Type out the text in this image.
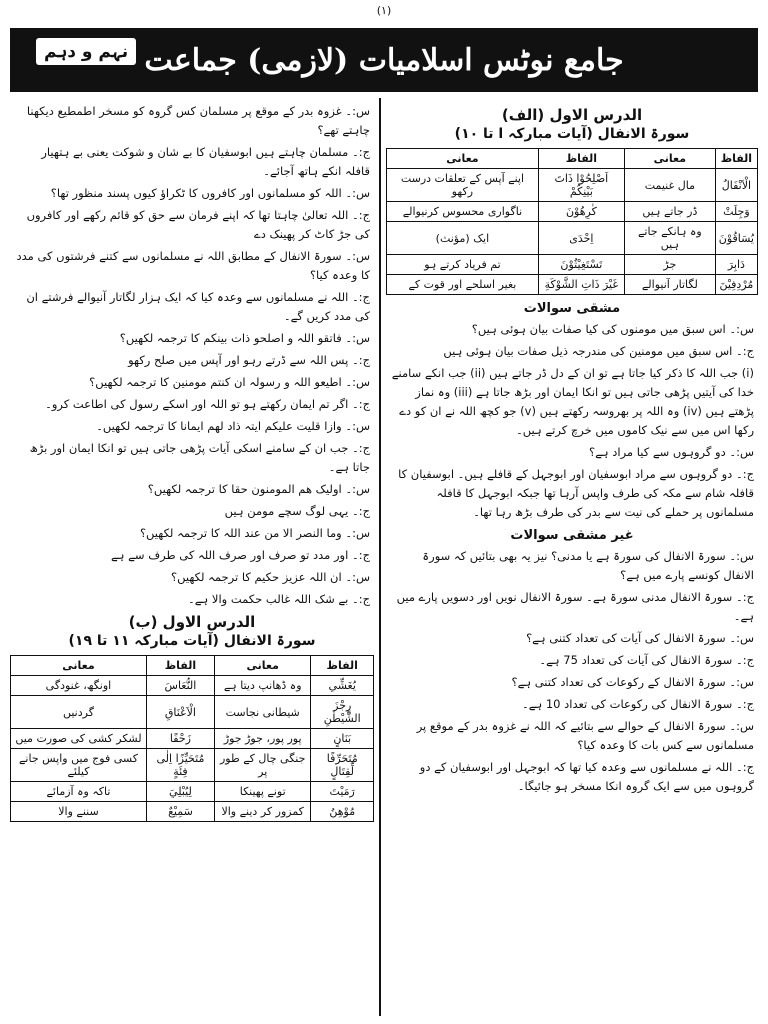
(۱)
جامع نوٹس اسلامیات (لازمی) جماعت
نہم و دہم
الدرس الاول (الف)
سورۃ الانفال (آیات مبارکہ ا تا ۱۰)
الفاظ	معانی	الفاظ	معانی
الْاَنْفَالُ	مال غنیمت	اَصْلِحُوْا ذَاتَ بَيْنِكُمْ	اپنے آپس کے تعلقات درست رکھو
وَجِلَتْ	ڈر جاتے ہیں	كٰرِهُوْنَ	ناگواری محسوس کرنیوالے
يُسَاقُوْنَ	وہ ہانکے جاتے ہیں	اِحْدَى	ایک (مؤنث)
دَابِرَ	جڑ	تَسْتَغِيْثُوْنَ	تم فریاد کرتے ہو
مُرْدِفِيْنَ	لگاتار آنیوالے	غَيْرَ ذَاتِ الشَّوْكَةِ	بغیر اسلحے اور قوت کے
مشقی سوالات

س:۔ اس سبق میں مومنوں کی کیا صفات بیان ہوئی ہیں؟

ج:۔ اس سبق میں مومنین کی مندرجہ ذیل صفات بیان ہوئی ہیں

(i) جب اللہ کا ذکر کیا جاتا ہے تو ان کے دل ڈر جاتے ہیں (ii) جب انکے سامنے خدا کی آیتیں پڑھی جاتی ہیں تو انکا ایمان اور بڑھ جاتا ہے (iii) وہ نماز پڑھتے ہیں (iv) وہ اللہ پر بھروسہ رکھتے ہیں (v) جو کچھ اللہ نے ان کو دے رکھا اس میں سے نیک کاموں میں خرچ کرتے ہیں۔

س:۔ دو گروہوں سے کیا مراد ہے؟

ج:۔ دو گروہوں سے مراد ابوسفیان اور ابوجہل کے قافلے ہیں۔ ابوسفیان کا قافلہ شام سے مکہ کی طرف واپس آرہا تھا جبکہ ابوجہل کا قافلہ مسلمانوں پر حملے کی نیت سے بدر کی طرف بڑھ رہا تھا۔

غیر مشقی سوالات

س:۔ سورۃ الانفال کی سورۃ ہے یا مدنی؟ نیز یہ بھی بتائیں کہ سورۃ الانفال کونسے پارے میں ہے؟

ج:۔ سورۃ الانفال مدنی سورۃ ہے۔ سورۃ الانفال نویں اور دسویں پارے میں ہے۔

س:۔ سورۃ الانفال کی آیات کی تعداد کتنی ہے؟

ج:۔ سورۃ الانفال کی آیات کی تعداد 75 ہے۔

س:۔ سورۃ الانفال کے رکوعات کی تعداد کتنی ہے؟

ج:۔ سورۃ الانفال کی رکوعات کی تعداد 10 ہے۔

س:۔ سورۃ الانفال کے حوالے سے بتائیے کہ اللہ نے غزوہ بدر کے موقع پر مسلمانوں سے کس بات کا وعدہ کیا؟

ج:۔ اللہ نے مسلمانوں سے وعدہ کیا تھا کہ ابوجہل اور ابوسفیان کے دو گروہوں میں سے ایک گروہ انکا مسخر ہو جائیگا۔

س:۔ غزوہ بدر کے موقع پر مسلمان کس گروہ کو مسخر اطمطیع دیکھنا چاہتے تھے؟

ج:۔ مسلمان چاہتے ہیں ابوسفیان کا بے شان و شوکت یعنی بے ہتھیار قافلہ انکے ہاتھ آجائے۔

س:۔ اللہ کو مسلمانوں اور کافروں کا ٹکراؤ کیوں پسند منظور تھا؟

ج:۔ اللہ تعالیٰ چاہتا تھا کہ اپنے فرمان سے حق کو قائم رکھے اور کافروں کی جڑ کاٹ کر پھینک دے

س:۔ سورۃ الانفال کے مطابق اللہ نے مسلمانوں سے کتنے فرشتوں کی مدد کا وعدہ کیا؟

ج:۔ اللہ نے مسلمانوں سے وعدہ کیا کہ ایک ہزار لگاتار آنیوالے فرشتے ان کی مدد کریں گے۔

س:۔ فاتقو اللہ و اصلحو ذات بینکم کا ترجمہ لکھیں؟

ج:۔ پس اللہ سے ڈرتے رہو اور آپس میں صلح رکھو

س:۔ اطیعو اللہ و رسولہ ان کنتم مومنین کا ترجمہ لکھیں؟

ج:۔ اگر تم ایمان رکھتے ہو تو اللہ اور اسکے رسول کی اطاعت کرو۔

س:۔ وازا قلیت علیکم ایتہ ذاد لھم ایمانا کا ترجمہ لکھیں۔

ج:۔ جب ان کے سامنے اسکی آیات پڑھی جاتی ہیں تو انکا ایمان اور بڑھ جاتا ہے۔

س:۔ اولیک ھم المومنون حقا کا ترجمہ لکھیں؟

ج:۔ یہی لوگ سچے مومن ہیں

س:۔ وما النصر الا من عند اللہ کا ترجمہ لکھیں؟

ج:۔ اور مدد تو صرف اور صرف اللہ کی طرف سے ہے

س:۔ ان اللہ عزیز حکیم کا ترجمہ لکھیں؟

ج:۔ بے شک اللہ غالب حکمت والا ہے۔

الدرس الاول (ب)
سورۃ الانفال (آیات مبارکہ ۱۱ تا ۱۹)
الفاظ	معانی	الفاظ	معانی
يُغَشِّي	وہ ڈھانپ دیتا ہے	النُّعَاسَ	اونگھ، غنودگی
رِجْزَ الشَّيْطٰنِ	شیطانی نجاست	الْاَعْنَاقِ	گردنیں
بَنَانٍ	پور پور، جوڑ جوڑ	زَحْفًا	لشکر کشی کی صورت میں
مُتَحَرِّفًا لِّقِتَالٍ	جنگی چال کے طور پر	مُتَحَيِّزًا اِلٰى فِئَةٍ	کسی فوج میں واپس جانے کیلئے
رَمَيْتَ	تونے پھینکا	لِيُبْلِيَ	تاکہ وہ آزمائے
مُوْهِنُ	کمزور کر دینے والا	سَمِيْعٌ	سننے والا
